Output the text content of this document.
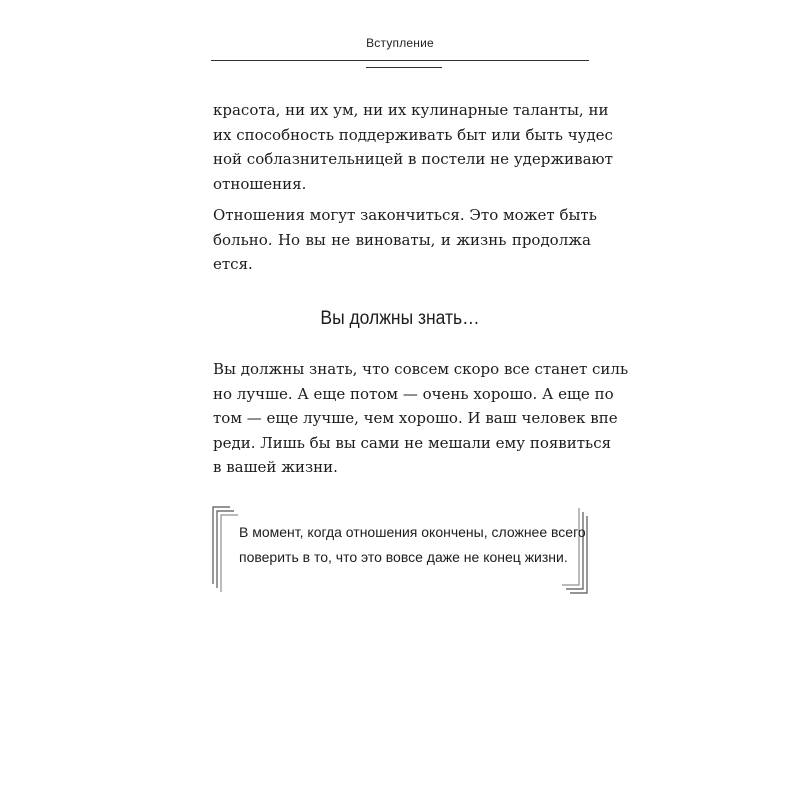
Вступление

красота, ни их ум, ни их кулинарные таланты, ни
их способность поддерживать быт или быть чудес
ной соблазнительницей в постели не удерживают
отношения.

Отношения могут закончиться. Это может быть
больно. Но вы не виноваты, и жизнь продолжа
ется.

Вы должны знать…

Вы должны знать, что совсем скоро все станет силь
но лучше. А еще потом — очень хорошо. А еще по
том — еще лучше, чем хорошо. И ваш человек впе
реди. Лишь бы вы сами не мешали ему появиться
в вашей жизни.

В момент, когда отношения окончены, сложнее всего
поверить в то, что это вовсе даже не конец жизни.
